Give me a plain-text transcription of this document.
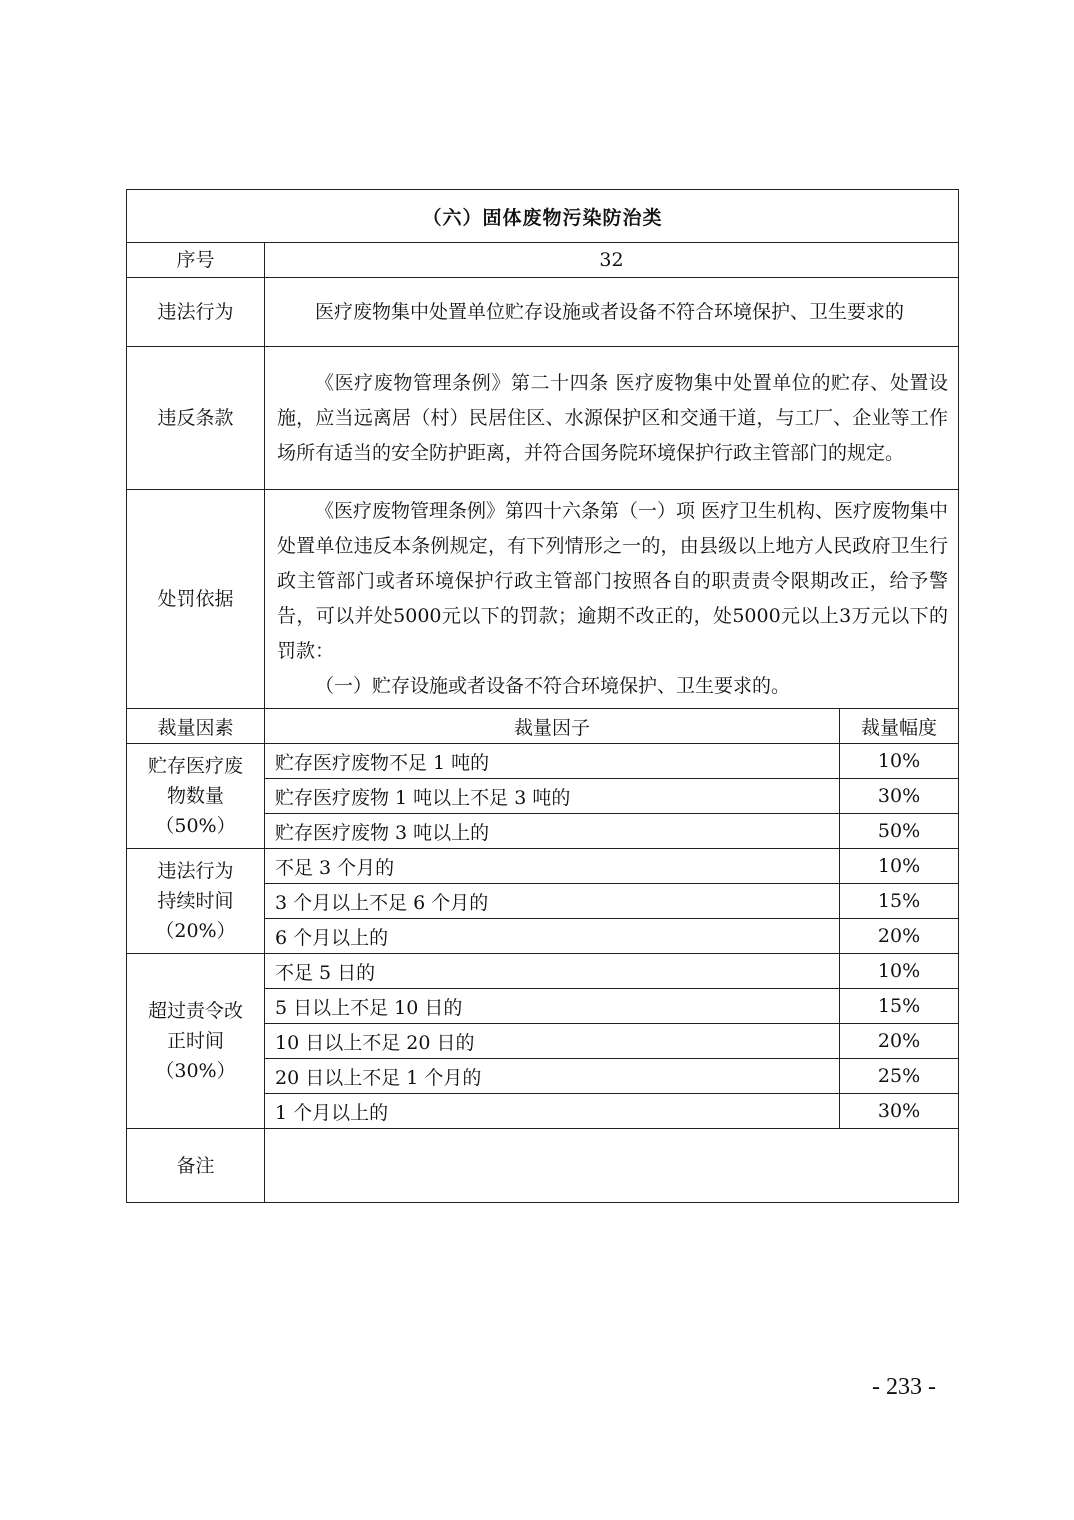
（六）固体废物污染防治类		
序号	32	
违法行为	医疗废物集中处置单位贮存设施或者设备不符合环境保护、卫生要求的	

违反条款	《医疗废物管理条例》第二十四条 医疗废物集中处置单位的贮存、处置设施，应当远离居（村）民居住区、水源保护区和交通干道，与工厂、企业等工作场所有适当的安全防护距离，并符合国务院环境保护行政主管部门的规定。	

处罚依据	《医疗废物管理条例》第四十六条第（一）项 医疗卫生机构、医疗废物集中处置单位违反本条例规定，有下列情形之一的，由县级以上地方人民政府卫生行政主管部门或者环境保护行政主管部门按照各自的职责责令限期改正，给予警告，可以并处5000元以下的罚款；逾期不改正的，处5000元以上3万元以下的罚款：

（一）贮存设施或者设备不符合环境保护、卫生要求的。	

裁量因素	裁量因子	裁量幅度

贮存医疗废
物数量
（50%）	贮存医疗废物不足 1 吨的	10%
	贮存医疗废物 1 吨以上不足 3 吨的	30%
	贮存医疗废物 3 吨以上的	50%

违法行为
持续时间
（20%）	不足 3 个月的	10%
	3 个月以上不足 6 个月的	15%
	6 个月以上的	20%

超过责令改
正时间
（30%）	不足 5 日的	10%
	5 日以上不足 10 日的	15%
	10 日以上不足 20 日的	20%
	20 日以上不足 1 个月的	25%
	1 个月以上的	30%
备注		
- 233 -
